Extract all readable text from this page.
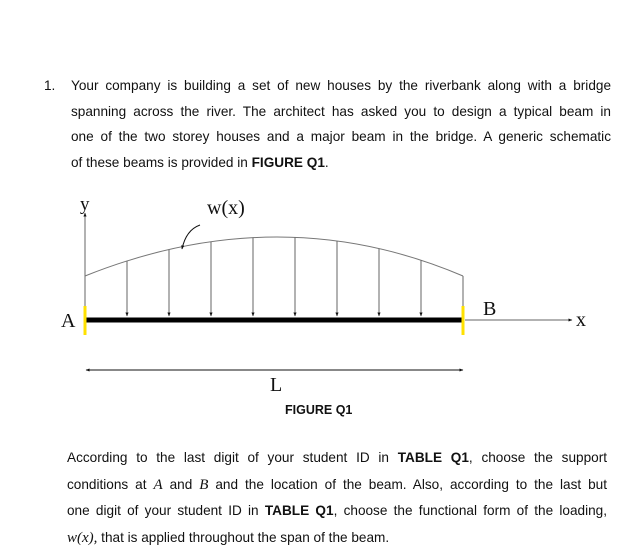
1. Your company is building a set of new houses by the riverbank along with a bridge
spanning across the river. The architect has asked you to design a typical beam in
one of the two storey houses and a major beam in the bridge. A generic schematic
of these beams is provided in FIGURE Q1.
y	w(x)
x
A
B
L
FIGURE Q1
According to the last digit of your student ID in TABLE Q1, choose the support
conditions at A and B and the location of the beam. Also, according to the last but
one digit of your student ID in TABLE Q1, choose the functional form of the loading,
w(x), that is applied throughout the span of the beam.
